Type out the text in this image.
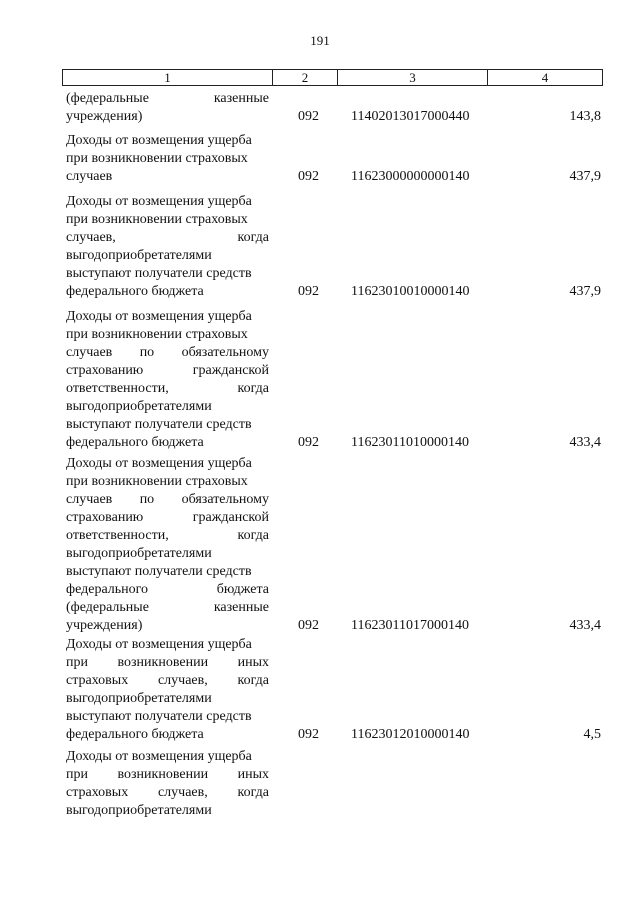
191
1	2	3	4
(федеральные	казенные
учреждения)	092 11402013017000440	143,8
Доходы от возмещения ущерба
при возникновении страховых
случаев	092 11623000000000140	437,9
Доходы от возмещения ущерба
при возникновении страховых
случаев,	когда
выгодоприобретателями
выступают получатели средств
федерального бюджета	092 11623010010000140	437,9
Доходы от возмещения ущерба
при возникновении страховых
случаев по обязательному
страхованию	гражданской
ответственности,	когда
выгодоприобретателями
выступают получатели средств
федерального бюджета	092 11623011010000140	433,4
Доходы от возмещения ущерба
при возникновении страховых
случаев по обязательному
страхованию	гражданской
ответственности,	когда
выгодоприобретателями
выступают получатели средств
федерального	бюджета
(федеральные	казенные
учреждения)	092 11623011017000140	433,4
Доходы от возмещения ущерба
при возникновении иных
страховых случаев, когда
выгодоприобретателями
выступают получатели средств
федерального бюджета	092 11623012010000140	4,5
Доходы от возмещения ущерба
при возникновении иных
страховых случаев, когда
выгодоприобретателями
